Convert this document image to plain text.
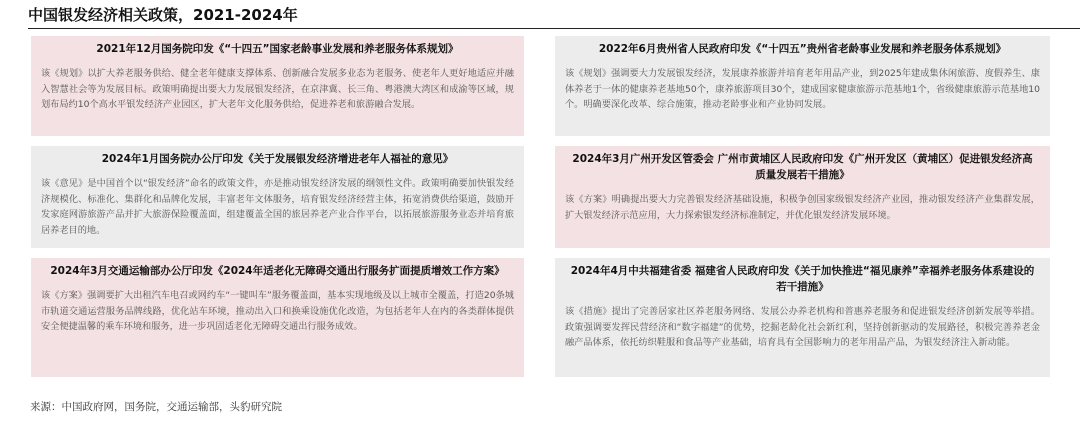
中国银发经济相关政策，2021-2024年
2021年12月国务院印发《“十四五”国家老龄事业发展和养老服务体系规划》
该《规划》以扩大养老服务供给、健全老年健康支撑体系、创新融合发展多业态为老服务、使老年人更好地适应并融入智慧社会等为发展目标。政策明确提出要大力发展银发经济，在京津冀、长三角、粤港澳大湾区和成渝等区域，规划布局约10个高水平银发经济产业园区，扩大老年文化服务供给，促进养老和旅游融合发展。
2022年6月贵州省人民政府印发《“十四五”贵州省老龄事业发展和养老服务体系规划》
该《规划》强调要大力发展银发经济，发展康养旅游并培育老年用品产业，到2025年建成集休闲旅游、度假养生、康体养老于一体的健康养老基地50个，康养旅游项目30个，建成国家健康旅游示范基地1个，省级健康旅游示范基地10个。明确要深化改革、综合施策，推动老龄事业和产业协同发展。
2024年1月国务院办公厅印发《关于发展银发经济增进老年人福祉的意见》
该《意见》是中国首个以“银发经济”命名的政策文件，亦是推动银发经济发展的纲领性文件。政策明确要加快银发经济规模化、标准化、集群化和品牌化发展，丰富老年文体服务，培育银发经济经营主体，拓宽消费供给渠道，鼓励开发家庭网游旅游产品并扩大旅游保险覆盖面，组建覆盖全国的旅居养老产业合作平台，以拓展旅游服务业态并培育旅居养老目的地。
2024年3月广州开发区管委会 广州市黄埔区人民政府印发《广州开发区（黄埔区）促进银发经济高质量发展若干措施》
该《方案》明确提出要大力完善银发经济基础设施，积极争创国家级银发经济产业园，推动银发经济产业集群发展，扩大银发经济示范应用，大力探索银发经济标准制定，并优化银发经济发展环境。
2024年3月交通运输部办公厅印发《2024年适老化无障碍交通出行服务扩面提质增效工作方案》
该《方案》强调要扩大出租汽车电召或网约车“一键叫车”服务覆盖面，基本实现地级及以上城市全覆盖，打造20条城市轨道交通运营服务品牌线路，优化站车环境，推动出入口和换乘设施优化改造，为包括老年人在内的各类群体提供安全便捷温馨的乘车环境和服务，进一步巩固适老化无障碍交通出行服务成效。
2024年4月中共福建省委 福建省人民政府印发《关于加快推进“福见康养”幸福养老服务体系建设的若干措施》
该《措施》提出了完善居家社区养老服务网络、发展公办养老机构和普惠养老服务和促进银发经济创新发展等举措。政策强调要发挥民营经济和“数字福建”的优势，挖掘老龄化社会新红利，坚持创新驱动的发展路径，积极完善养老金融产品体系，依托纺织鞋服和食品等产业基础，培育具有全国影响力的老年用品产品，为银发经济注入新动能。
来源：中国政府网，国务院，交通运输部，头豹研究院
